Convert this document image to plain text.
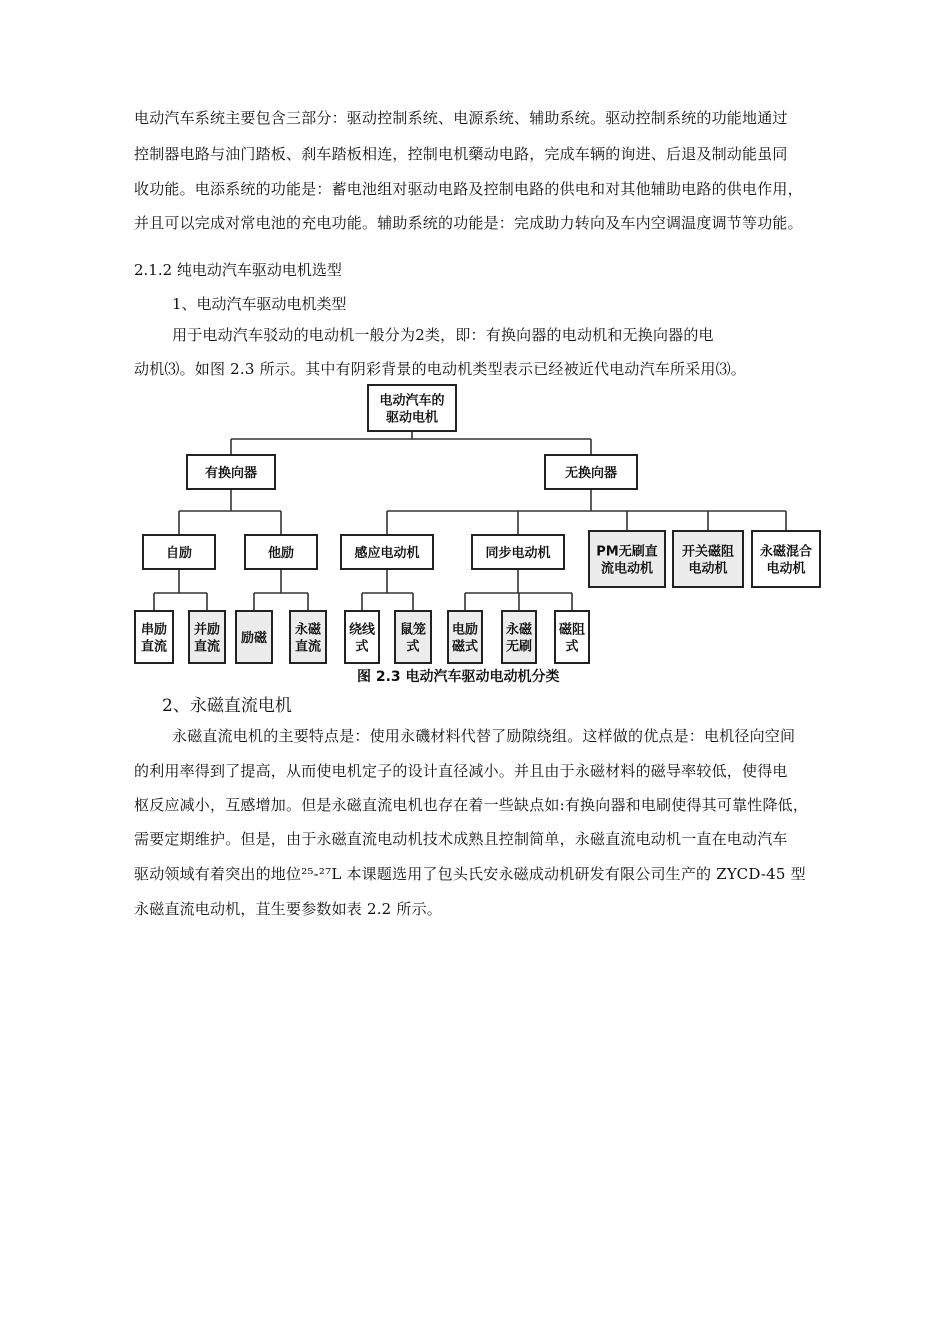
电动汽车系统主要包含三部分：驱动控制系统、电源系统、辅助系统。驱动控制系统的功能地通过
控制器电路与油门踏板、刹车踏板相连，控制电机藥动电路，完成车辆的询进、后退及制动能虽同
收功能。电添系统的功能是：蓄电池组对驱动电路及控制电路的供电和对其他辅助电路的供电作用，
并且可以完成对常电池的充电功能。辅助系统的功能是：完成助力转向及车内空调温度调节等功能。
2.1.2 纯电动汽车驱动电机选型
1、电动汽车驱动电机类型
用于电动汽车驳动的电动机一般分为2类，即：有换向器的电动机和无换向器的电
动机⑶。如图 2.3 所示。其中有阴彩背景的电动机类型表示已经被近代电动汽车所采用⑶。
电动汽车的
驱动电机
有换向器	无换向器
自励	他励	感应电动机	同步电动机	PM无刷直
流电动机
开关磁阻
电动机
永磁混合
电动机
串励
直流
并励
直流
励磁
永磁
直流
绕线
式
鼠笼
式
电励
磁式
永磁
无刷
磁阻
式
图 2.3 电动汽车驱动电动机分类
2、永磁直流电机
永磁直流电机的主要特点是：使用永磯材料代替了励隙绕组。这样做的优点是：电机径向空间
的利用率得到了提高，从而使电机定子的设计直径减小。并且由于永磁材料的磁导率较低，使得电
枢反应减小，互感增加。但是永磁直流电机也存在着一些缺点如:有换向器和电刷使得其可靠性降低，
需要定期维护。但是，由于永磁直流电动机技术成熟且控制简单，永磁直流电动机一直在电动汽车
驱动领域有着突出的地位²⁵-²⁷L 本课题选用了包头氏安永磁成动机研发有限公司生产的 ZYCD-45 型
永磁直流电动机，苴生要参数如表 2.2 所示。
